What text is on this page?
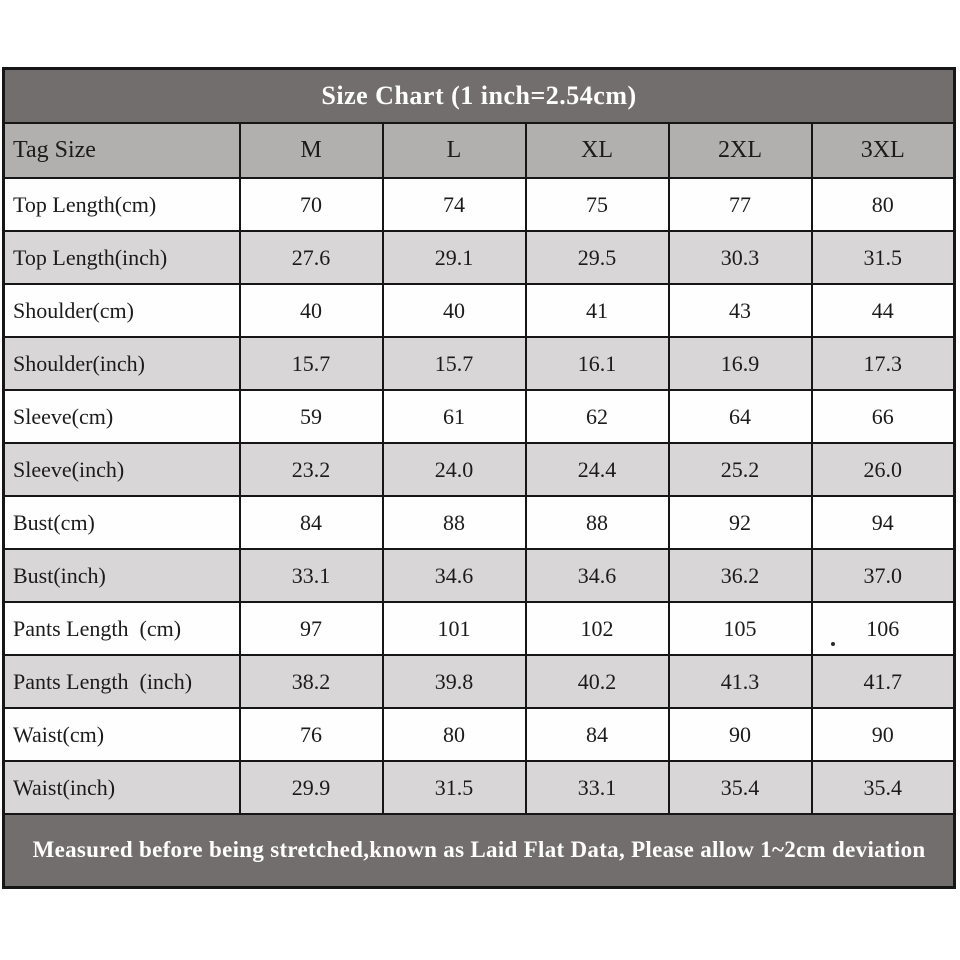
Size Chart (1 inch=2.54cm)					
Tag Size	M	L	XL	2XL	3XL
Top Length(cm)	70	74	75	77	80
Top Length(inch)	27.6	29.1	29.5	30.3	31.5
Shoulder(cm)	40	40	41	43	44
Shoulder(inch)	15.7	15.7	16.1	16.9	17.3
Sleeve(cm)	59	61	62	64	66
Sleeve(inch)	23.2	24.0	24.4	25.2	26.0
Bust(cm)	84	88	88	92	94
Bust(inch)	33.1	34.6	34.6	36.2	37.0
Pants Length  (cm)	97	101	102	105	106
Pants Length  (inch)	38.2	39.8	40.2	41.3	41.7
Waist(cm)	76	80	84	90	90
Waist(inch)	29.9	31.5	33.1	35.4	35.4
Measured before being stretched,known as Laid Flat Data, Please allow 1~2cm deviation					
